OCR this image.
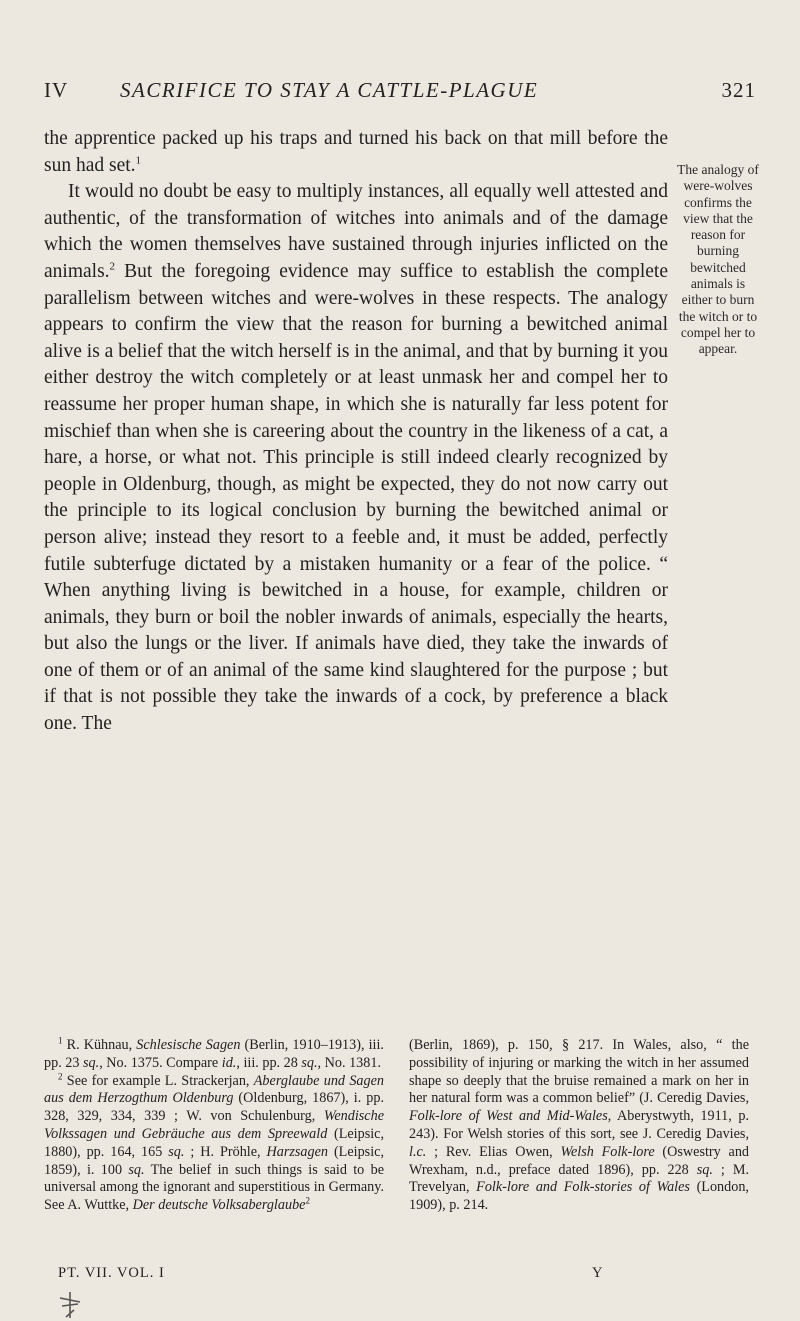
IV SACRIFICE TO STAY A CATTLE-PLAGUE	321

the apprentice packed up his traps and turned his back on that mill before the sun had set.$^1$

It would no doubt be easy to multiply instances, all equally well attested and authentic, of the transformation of witches into animals and of the damage which the women themselves have sustained through injuries inflicted on the animals.$^2$ But the foregoing evidence may suffice to establish the complete parallelism between witches and were-wolves in these respects. The analogy appears to confirm the view that the reason for burning a bewitched animal alive is a belief that the witch herself is in the animal, and that by burning it you either destroy the witch completely or at least unmask her and compel her to reassume her proper human shape, in which she is naturally far less potent for mischief than when she is careering about the country in the likeness of a cat, a hare, a horse, or what not. This principle is still indeed clearly recognized by people in Oldenburg, though, as might be expected, they do not now carry out the principle to its logical conclusion by burning the bewitched animal or person alive; instead they resort to a feeble and, it must be added, perfectly futile subterfuge dictated by a mistaken humanity or a fear of the police. “ When anything living is bewitched in a house, for example, children or animals, they burn or boil the nobler inwards of animals, especially the hearts, but also the lungs or the liver. If animals have died, they take the inwards of one of them or of an animal of the same kind slaughtered for the purpose ; but if that is not possible they take the inwards of a cock, by preference a black one. The

The analogy of were-wolves confirms the view that the reason for burning bewitched animals is either to burn the witch or to compel her to appear.

$^1$ R. Kühnau, Schlesische Sagen (Berlin, 1910–1913), iii. pp. 23 sq., No. 1375. Compare id., iii. pp. 28 sq., No. 1381.

$^2$ See for example L. Strackerjan, Aberglaube und Sagen aus dem Herzogthum Oldenburg (Oldenburg, 1867), i. pp. 328, 329, 334, 339 ; W. von Schulenburg, Wendische Volkssagen und Gebräuche aus dem Spreewald (Leipsic, 1880), pp. 164, 165 sq. ; H. Pröhle, Harzsagen (Leipsic, 1859), i. 100 sq. The belief in such things is said to be universal among the ignorant and superstitious in Germany. See A. Wuttke, Der deutsche Volksaberglaube$^2$

(Berlin, 1869), p. 150, § 217. In Wales, also, “ the possibility of injuring or marking the witch in her assumed shape so deeply that the bruise remained a mark on her in her natural form was a common belief” (J. Ceredig Davies, Folk-lore of West and Mid-Wales, Aberystwyth, 1911, p. 243). For Welsh stories of this sort, see J. Ceredig Davies, l.c. ; Rev. Elias Owen, Welsh Folk-lore (Oswestry and Wrexham, n.d., preface dated 1896), pp. 228 sq. ; M. Trevelyan, Folk-lore and Folk-stories of Wales (London, 1909), p. 214.

PT. VII. VOL. I	Y
